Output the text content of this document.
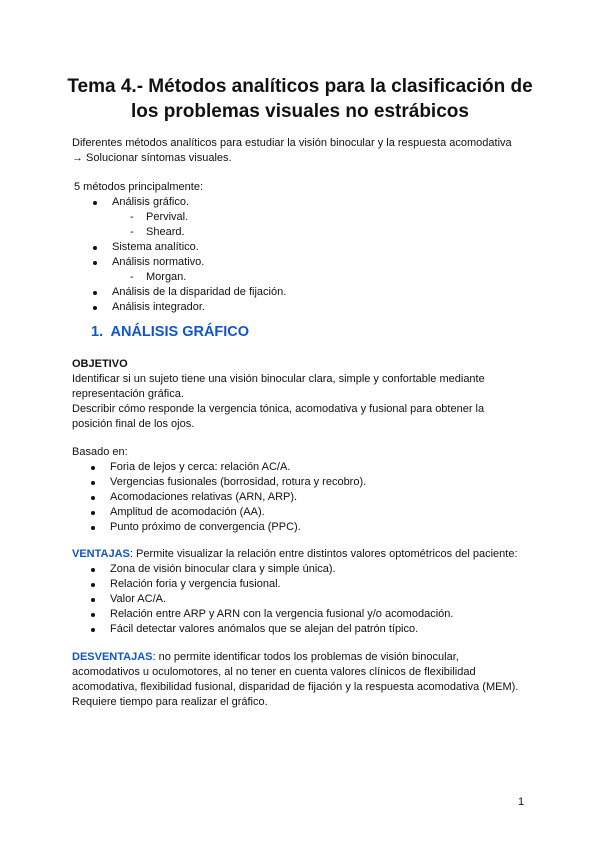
Tema 4.- Métodos analíticos para la clasificación de
los problemas visuales no estrábicos
Diferentes métodos analíticos para estudiar la visión binocular y la respuesta acomodativa
→ Solucionar síntomas visuales.
5 métodos principalmente:
Análisis gráfico.
- Pervival.
- Sheard.
Sistema analítico.
Análisis normativo.
- Morgan.
Análisis de la disparidad de fijación.
Análisis integrador.
1. ANÁLISIS GRÁFICO
OBJETIVO
Identificar si un sujeto tiene una visión binocular clara, simple y confortable mediante
representación gráfica.
Describir cómo responde la vergencia tónica, acomodativa y fusional para obtener la
posición final de los ojos.
Basado en:
Foria de lejos y cerca: relación AC/A.
Vergencias fusionales (borrosidad, rotura y recobro).
Acomodaciones relativas (ARN, ARP).
Amplitud de acomodación (AA).
Punto próximo de convergencia (PPC).
VENTAJAS: Permite visualizar la relación entre distintos valores optométricos del paciente:
Zona de visión binocular clara y simple única).
Relación foria y vergencia fusional.
Valor AC/A.
Relación entre ARP y ARN con la vergencia fusional y/o acomodación.
Fácil detectar valores anómalos que se alejan del patrón típico.
DESVENTAJAS: no permite identificar todos los problemas de visión binocular,
acomodativos u oculomotores, al no tener en cuenta valores clínicos de flexibilidad
acomodativa, flexibilidad fusional, disparidad de fijación y la respuesta acomodativa (MEM).
Requiere tiempo para realizar el gráfico.
1
